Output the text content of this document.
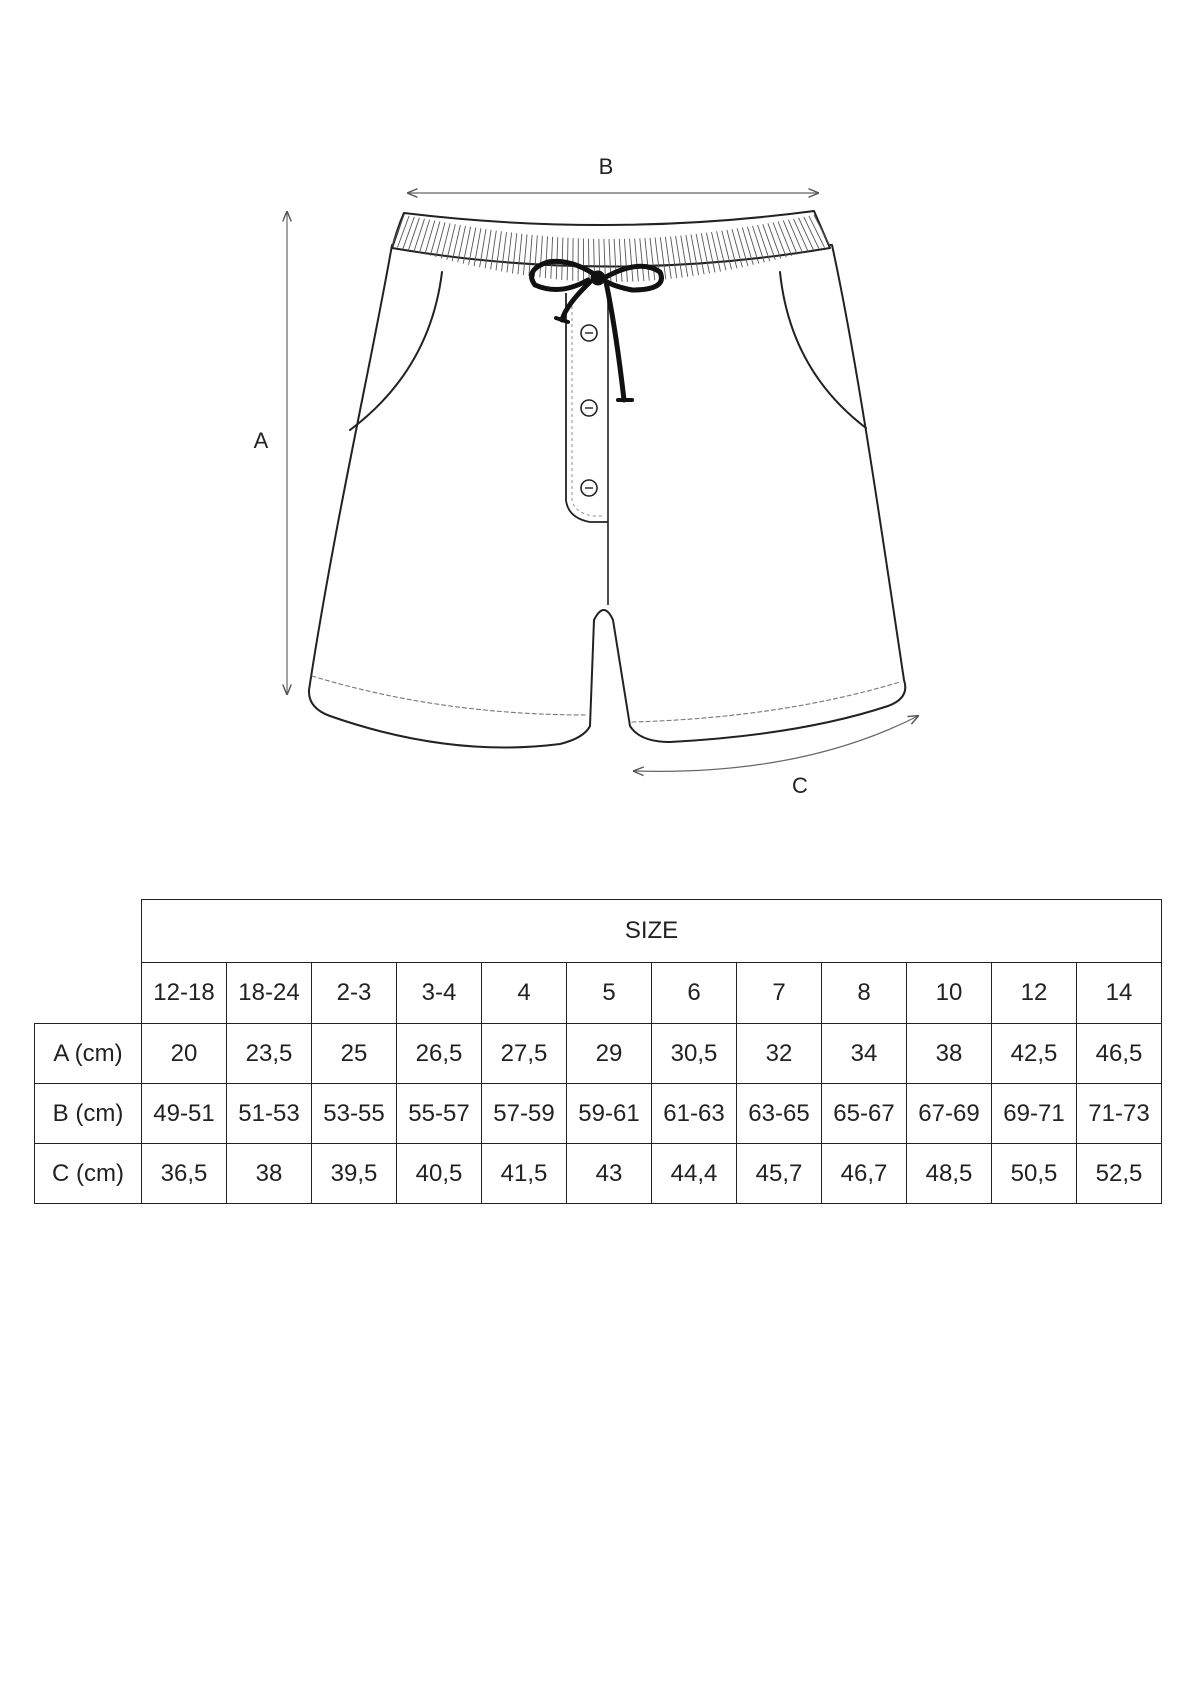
B
A
C
	SIZE											
	12-18	18-24	2-3	3-4	4	5	6	7	8	10	12	14
A (cm)	20	23,5	25	26,5	27,5	29	30,5	32	34	38	42,5	46,5
B (cm)	49-51	51-53	53-55	55-57	57-59	59-61	61-63	63-65	65-67	67-69	69-71	71-73
C (cm)	36,5	38	39,5	40,5	41,5	43	44,4	45,7	46,7	48,5	50,5	52,5
